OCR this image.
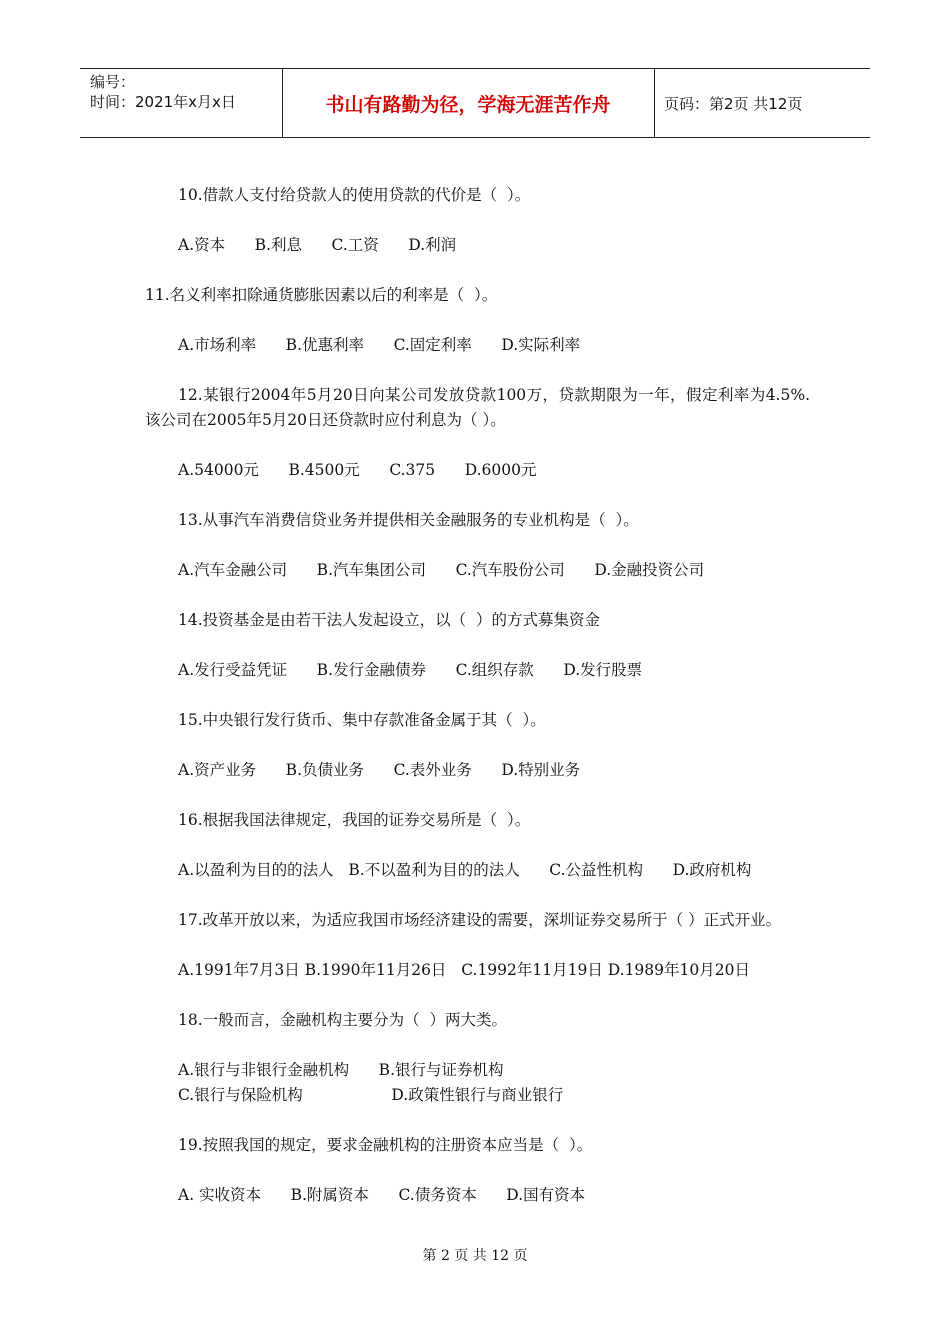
编号：
时间：2021年x月x日	书山有路勤为径，学海无涯苦作舟	页码：第2页 共12页
10.借款人支付给贷款人的使用贷款的代价是（  ）。
A.资本      B.利息      C.工资      D.利润
11.名义利率扣除通货膨胀因素以后的利率是（  ）。
A.市场利率      B.优惠利率      C.固定利率      D.实际利率
12.某银行2004年5月20日向某公司发放贷款100万，贷款期限为一年，假定利率为4.5%.该公司在2005年5月20日还贷款时应付利息为（ ）。
A.54000元      B.4500元      C.375      D.6000元
13.从事汽车消费信贷业务并提供相关金融服务的专业机构是（  ）。
A.汽车金融公司      B.汽车集团公司      C.汽车股份公司      D.金融投资公司
14.投资基金是由若干法人发起设立，以（  ）的方式募集资金
A.发行受益凭证      B.发行金融债券      C.组织存款      D.发行股票
15.中央银行发行货币、集中存款准备金属于其（  ）。
A.资产业务      B.负债业务      C.表外业务      D.特别业务
16.根据我国法律规定，我国的证券交易所是（  ）。
A.以盈利为目的的法人   B.不以盈利为目的的法人      C.公益性机构      D.政府机构
17.改革开放以来，为适应我国市场经济建设的需要，深圳证券交易所于（ ）正式开业。
A.1991年7月3日 B.1990年11月26日   C.1992年11月19日 D.1989年10月20日
18.一般而言，金融机构主要分为（  ）两大类。
A.银行与非银行金融机构      B.银行与证券机构
C.银行与保险机构                  D.政策性银行与商业银行
19.按照我国的规定，要求金融机构的注册资本应当是（  ）。
A. 实收资本      B.附属资本      C.债务资本      D.国有资本
第 2 页 共 12 页
